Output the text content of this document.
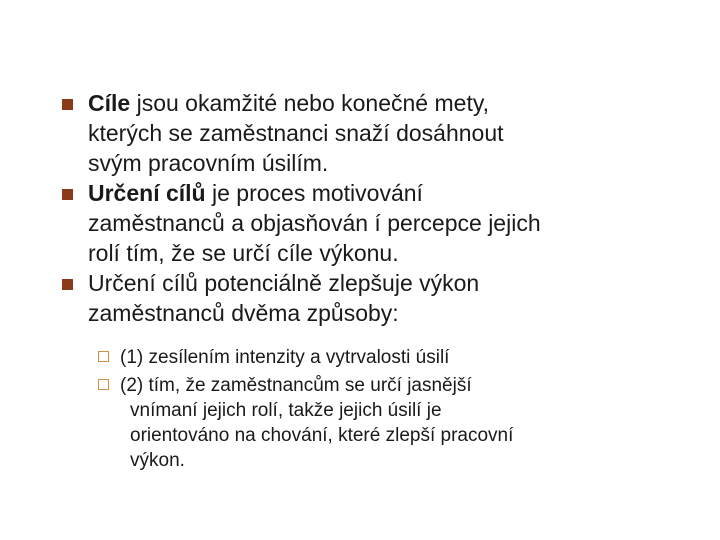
Cíle jsou okamžité nebo konečné mety,
kterých se zaměstnanci snaží dosáhnout
svým pracovním úsilím.
Určení cílů je proces motivování
zaměstnanců a objasňován í percepce jejich
rolí tím, že se určí cíle výkonu.
Určení cílů potenciálně zlepšuje výkon
zaměstnanců dvěma způsoby:
(1) zesílením intenzity a vytrvalosti úsilí
(2) tím, že zaměstnancům se určí jasnější
vnímaní jejich rolí, takže jejich úsilí je
orientováno na chování, které zlepší pracovní
výkon.
